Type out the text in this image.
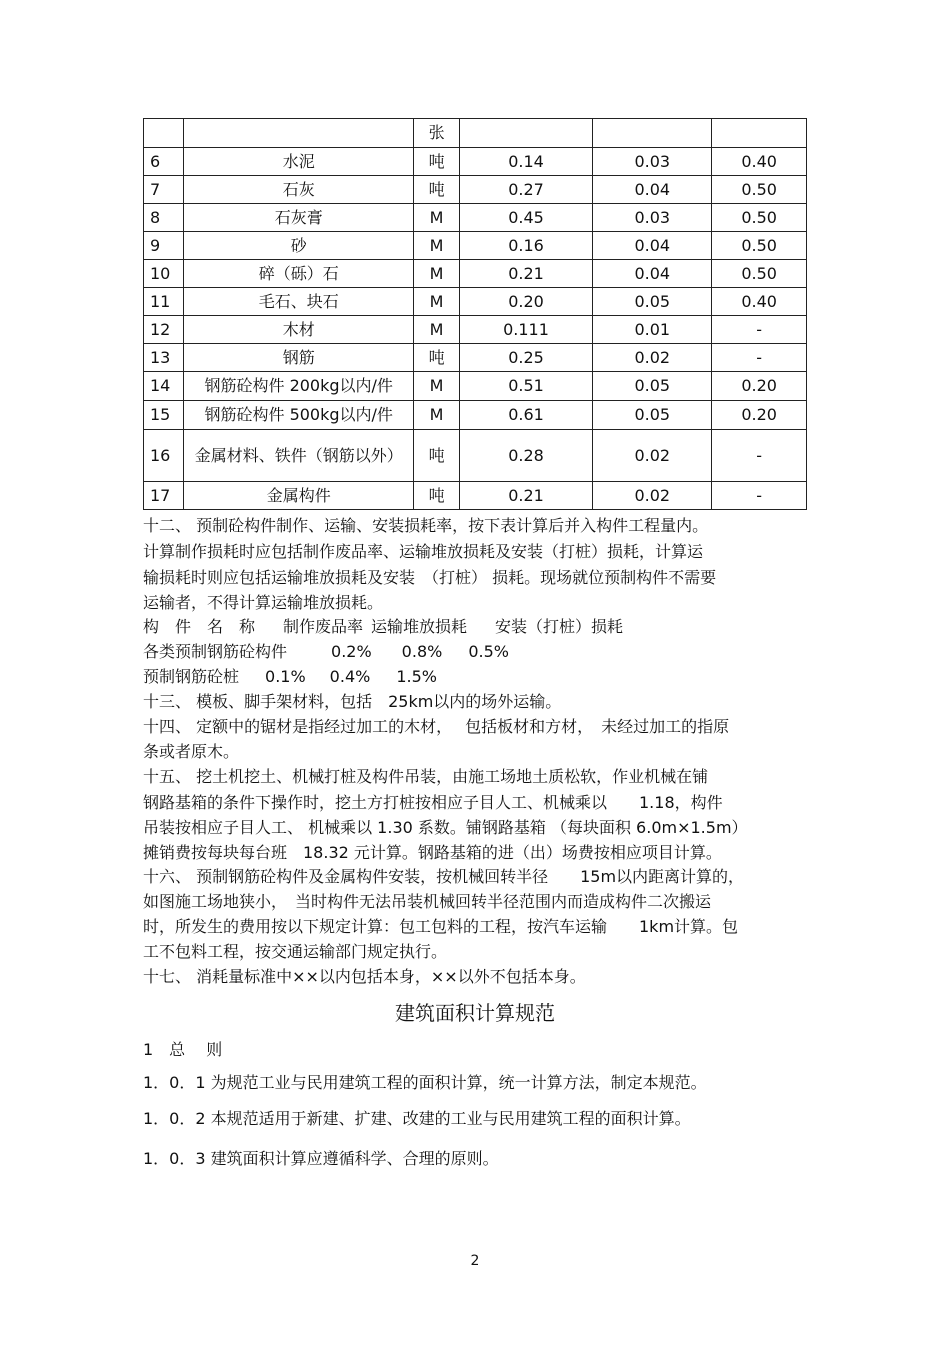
		张			
6	水泥	吨	0.14	0.03	0.40
7	石灰	吨	0.27	0.04	0.50
8	石灰膏	M	0.45	0.03	0.50
9	砂	M	0.16	0.04	0.50
10	碎（砾）石	M	0.21	0.04	0.50
11	毛石、块石	M	0.20	0.05	0.40
12	木材	M	0.111	0.01	-
13	钢筋	吨	0.25	0.02	-
14	钢筋砼构件 200kg以内/件	M	0.51	0.05	0.20
15	钢筋砼构件 500kg以内/件	M	0.61	0.05	0.20
16	金属材料、铁件（钢筋以外）	吨	0.28	0.02	-
17	金属构件	吨	0.21	0.02	-
十二、 预制砼构件制作、运输、安装损耗率，按下表计算后并入构件工程量内。
计算制作损耗时应包括制作废品率、运输堆放损耗及安装（打桩）损耗，计算运
输损耗时则应包括运输堆放损耗及安装　（打桩） 损耗。现场就位预制构件不需要
运输者，不得计算运输堆放损耗。
构　件　名　称 制作废品率 运输堆放损耗 安装（打桩）损耗
各类预制钢筋砼构件	0.2% 0.8% 0.5%
预制钢筋砼桩 0.1% 0.4% 1.5%
十三、 模板、脚手架材料，包括　25km以内的场外运输。
十四、 定额中的锯材是指经过加工的木材，　 包括板材和方材，　未经过加工的指原
条或者原木。
十五、 挖土机挖土、机械打桩及构件吊装，由施工场地土质松软，作业机械在铺
钢路基箱的条件下操作时，挖土方打桩按相应子目人工、机械乘以　　1.18，构件
吊装按相应子目人工、 机械乘以 1.30 系数。铺钢路基箱 （每块面积 6.0m×1.5m）
摊销费按每块每台班　18.32 元计算。钢路基箱的进（出）场费按相应项目计算。
十六、 预制钢筋砼构件及金属构件安装，按机械回转半径　　15m以内距离计算的，
如图施工场地狭小，　当时构件无法吊装机械回转半径范围内而造成构件二次搬运
时，所发生的费用按以下规定计算：包工包料的工程，按汽车运输　　1km计算。包
工不包料工程，按交通运输部门规定执行。
十七、 消耗量标准中××以内包括本身，××以外不包括本身。
建筑面积计算规范
1　总　 则
1．0．1 为规范工业与民用建筑工程的面积计算，统一计算方法，制定本规范。
1．0．2 本规范适用于新建、扩建、改建的工业与民用建筑工程的面积计算。
1．0．3 建筑面积计算应遵循科学、合理的原则。
2
